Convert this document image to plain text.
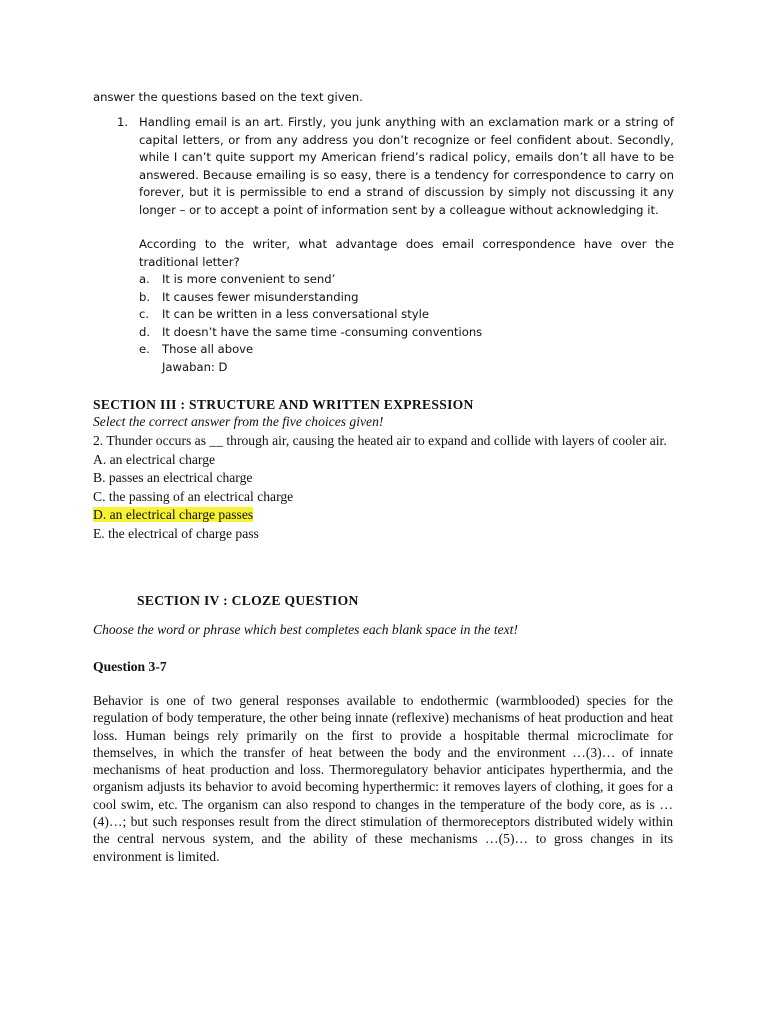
answer the questions based on the text given.
1. Handling email is an art. Firstly, you junk anything with an exclamation mark or a string of capital letters, or from any address you don’t recognize or feel confident about. Secondly, while I can’t quite support my American friend’s radical policy, emails don’t all have to be answered. Because emailing is so easy, there is a tendency for correspondence to carry on forever, but it is permissible to end a strand of discussion by simply not discussing it any longer – or to accept a point of information sent by a colleague without acknowledging it.

According to the writer, what advantage does email correspondence have over the traditional letter?
a.	It is more convenient to send’
b.	It causes fewer misunderstanding
c.	It can be written in a less conversational style
d.	It doesn’t have the same time -consuming conventions
e.	Those all above
Jawaban: D
SECTION III : STRUCTURE AND WRITTEN EXPRESSION
Select the correct answer from the five choices given!
2. Thunder occurs as __ through air, causing the heated air to expand and collide with layers of cooler air.
A. an electrical charge
B. passes an electrical charge
C. the passing of an electrical charge
D. an electrical charge passes
E. the electrical of charge pass
SECTION IV : CLOZE QUESTION
Choose the word or phrase which best completes each blank space in the text!
Question 3-7

Behavior is one of two general responses available to endothermic (warmblooded) species for the regulation of body temperature, the other being innate (reflexive) mechanisms of heat production and heat loss. Human beings rely primarily on the first to provide a hospitable thermal microclimate for themselves, in which the transfer of heat between the body and the environment …(3)… of innate mechanisms of heat production and loss. Thermoregulatory behavior anticipates hyperthermia, and the organism adjusts its behavior to avoid becoming hyperthermic: it removes layers of clothing, it goes for a cool swim, etc. The organism can also respond to changes in the temperature of the body core, as is …(4)…; but such responses result from the direct stimulation of thermoreceptors distributed widely within the central nervous system, and the ability of these mechanisms …(5)… to gross changes in its environment is limited.
